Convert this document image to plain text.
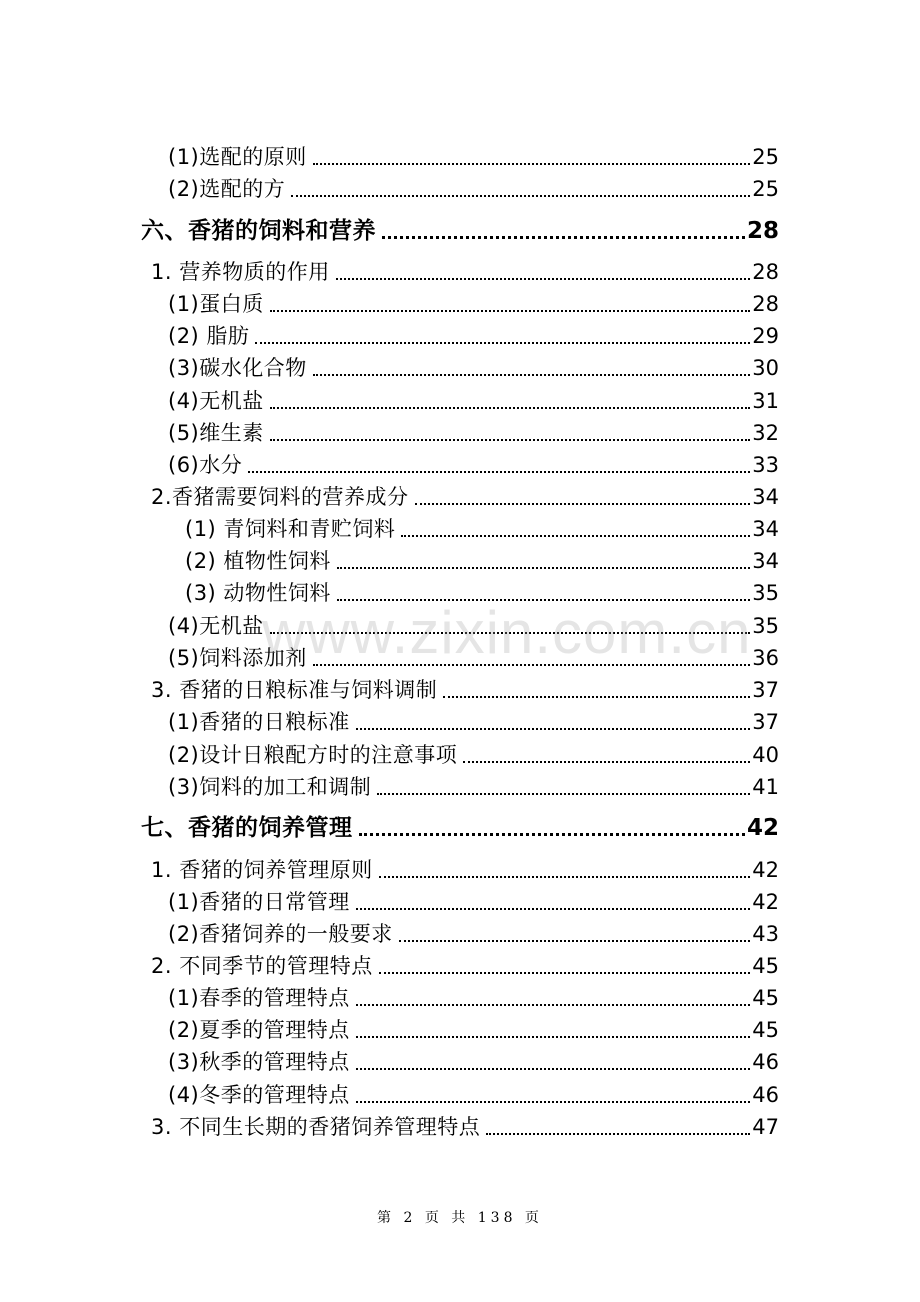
(1)选配的原则	25
(2)选配的方	25
六、香猪的饲料和营养	28
1. 营养物质的作用	28
(1)蛋白质	28
(2) 脂肪	29
(3)碳水化合物	30
(4)无机盐	31
(5)维生素	32
(6)水分	33
2.香猪需要饲料的营养成分	34
(1) 青饲料和青贮饲料	34
(2) 植物性饲料	34
(3) 动物性饲料	35
(4)无机盐	35
(5)饲料添加剂	36
3. 香猪的日粮标准与饲料调制	37
(1)香猪的日粮标准	37
(2)设计日粮配方时的注意事项	40
(3)饲料的加工和调制	41
七、香猪的饲养管理	42
1. 香猪的饲养管理原则	42
(1)香猪的日常管理	42
(2)香猪饲养的一般要求	43
2. 不同季节的管理特点	45
(1)春季的管理特点	45
(2)夏季的管理特点	45
(3)秋季的管理特点	46
(4)冬季的管理特点	46
3. 不同生长期的香猪饲养管理特点	47
www.zixin.com.cn
第 2 页 共 138 页
